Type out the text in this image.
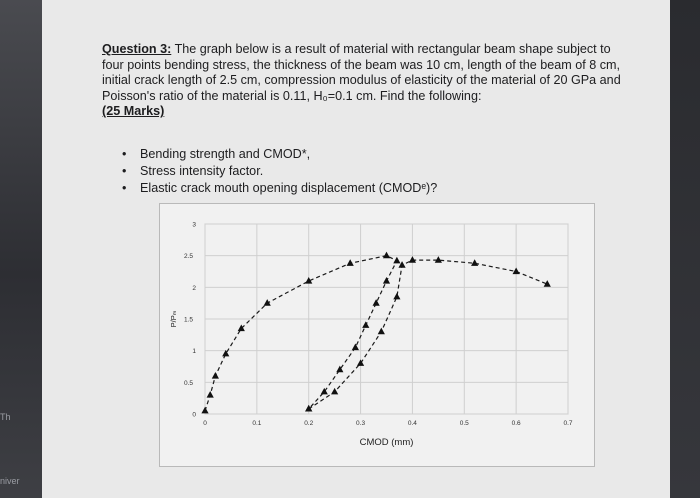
Th
niver
Question 3: The graph below is a result of material with rectangular beam shape subject to four points bending stress, the thickness of the beam was 10 cm, length of the beam of 8 cm, initial crack length of 2.5 cm, compression modulus of elasticity of the material of 20 GPa and Poisson's ratio of the material is 0.11, H₀=0.1 cm. Find the following:
(25 Marks)
• Bending strength and CMOD*,
• Stress intensity factor.
• Elastic crack mouth opening displacement (CMODᵉ)?
0	0.1	0.2	0.3	0.4	0.5	0.6	0.7
0
0.5
1
1.5
2
2.5
3
CMOD (mm)
P/Pₘ
